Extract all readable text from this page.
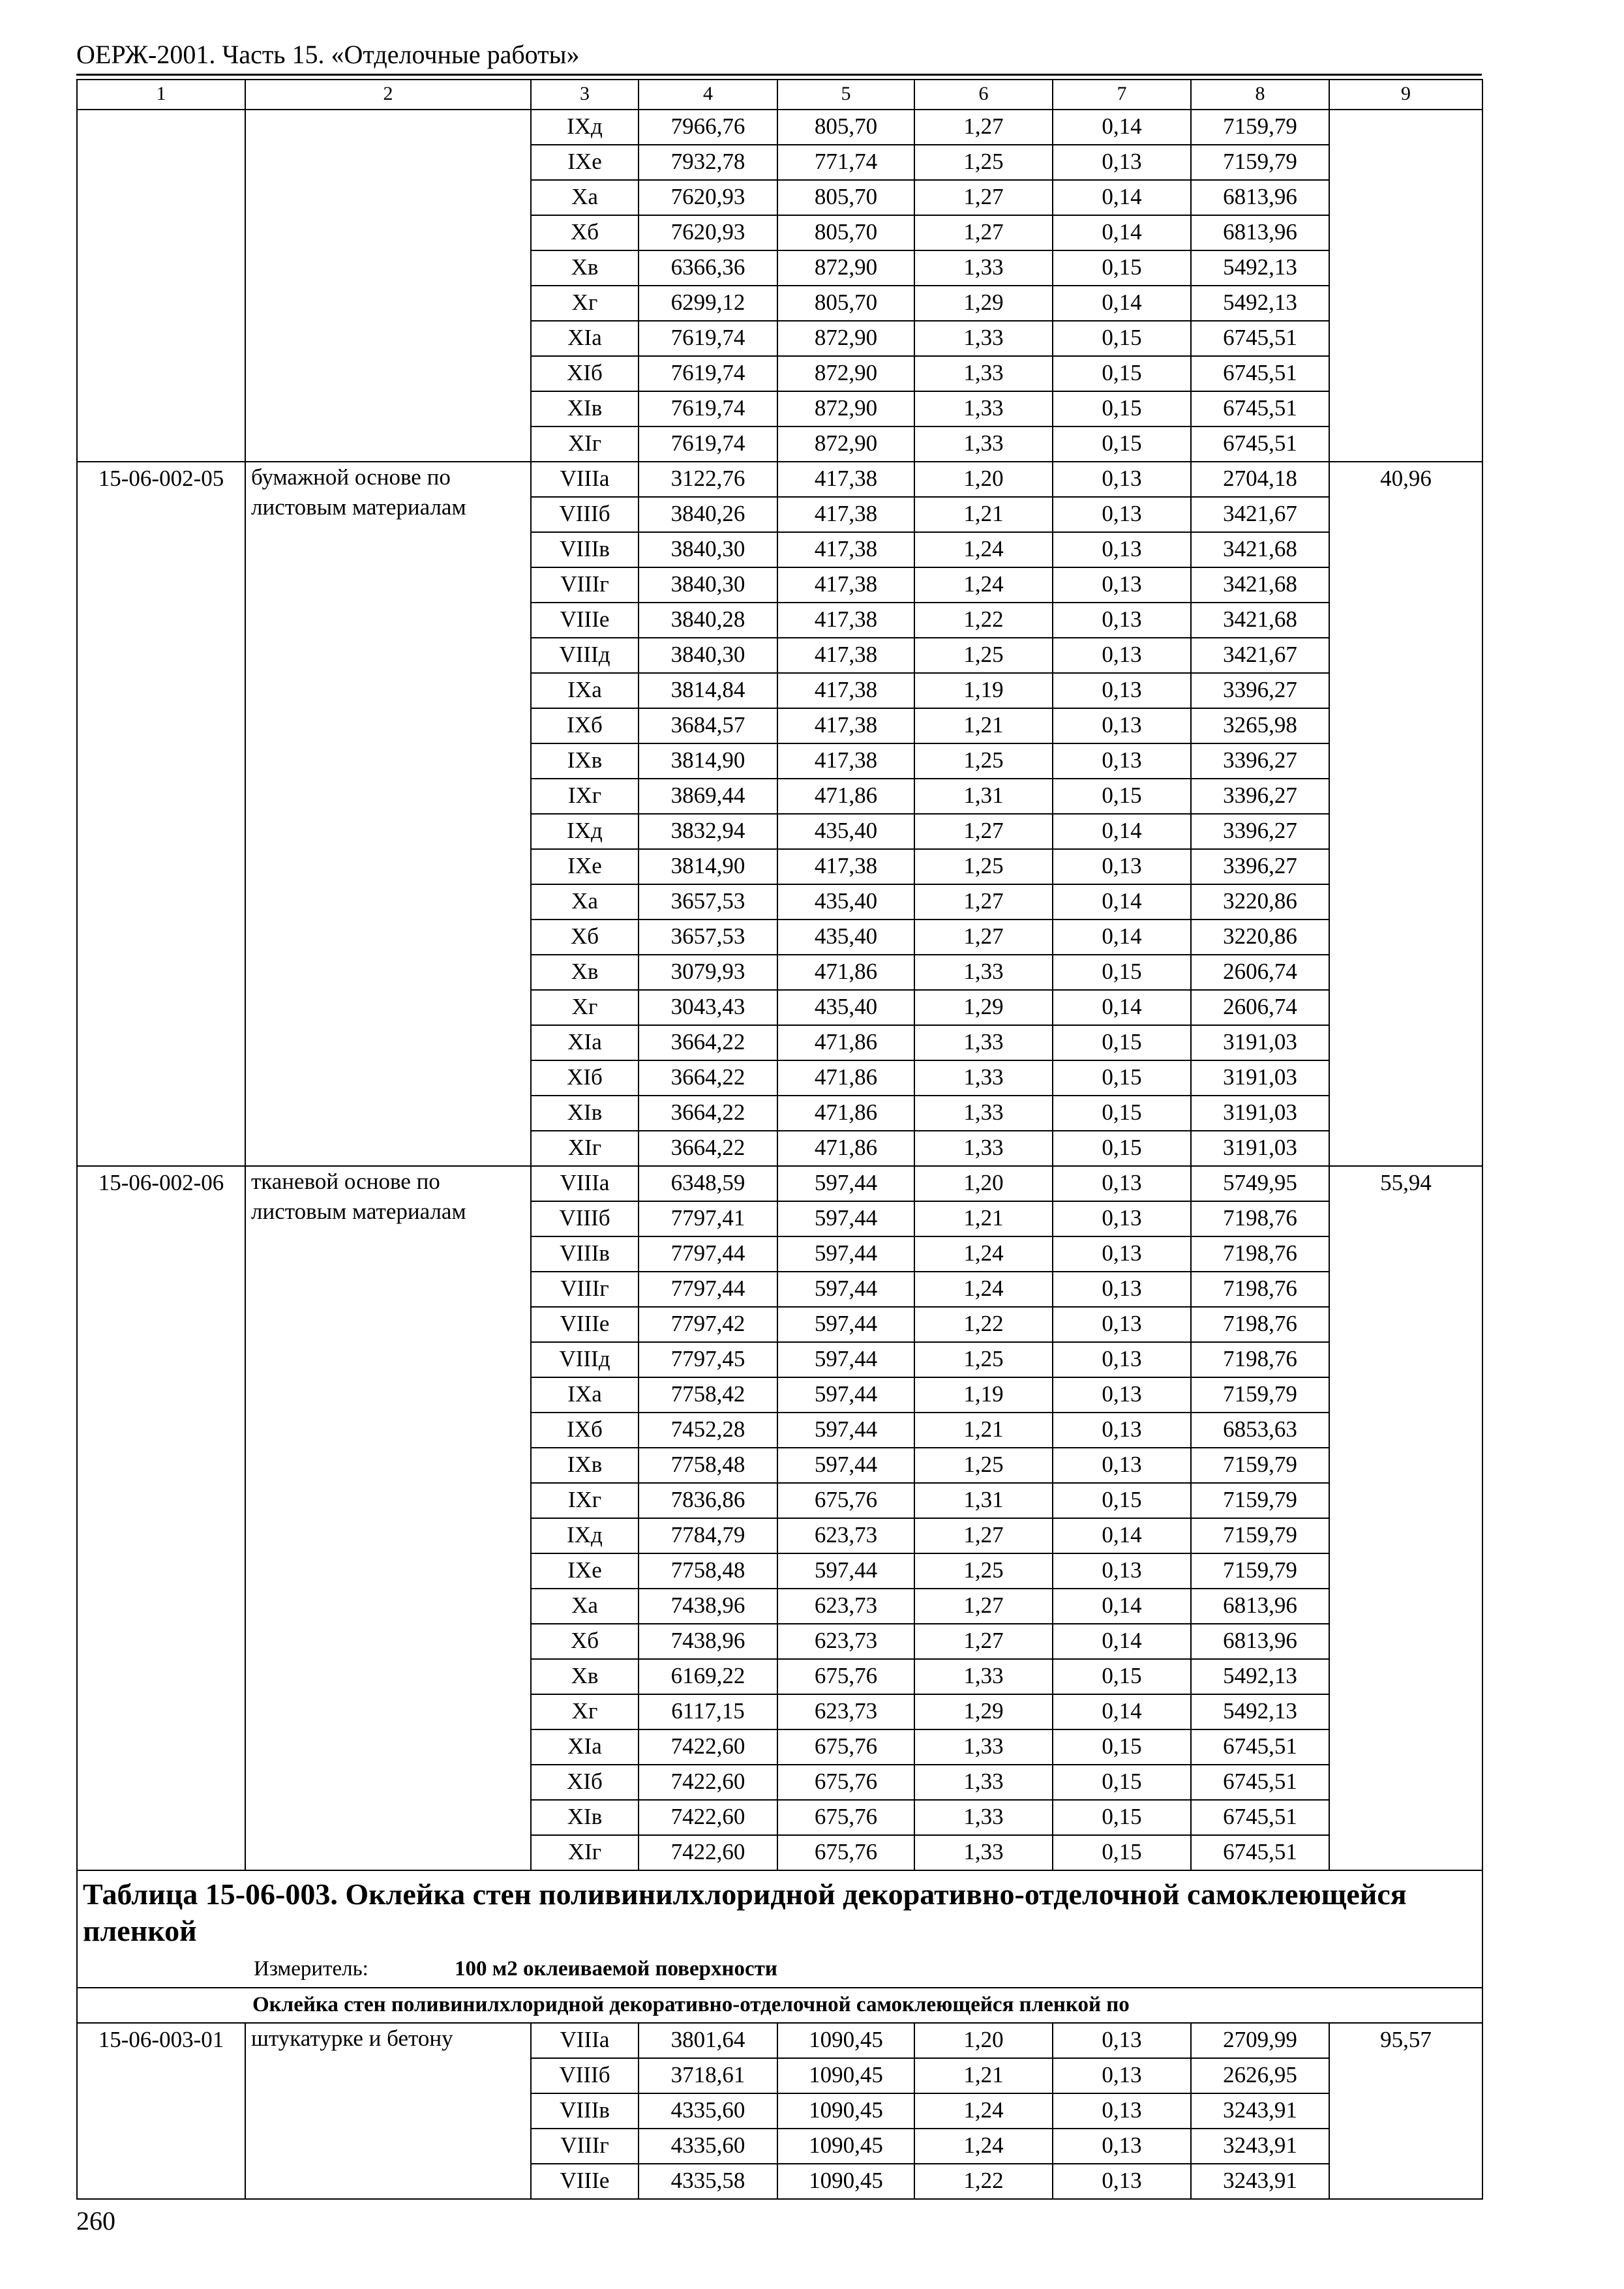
ОЕРЖ-2001. Часть 15. «Отделочные работы»
1	2	3	4	5	6	7	8	9
		IXд	7966,76	805,70	1,27	0,14	7159,79	
		IXе	7932,78	771,74	1,25	0,13	7159,79	
		Xа	7620,93	805,70	1,27	0,14	6813,96	
		Xб	7620,93	805,70	1,27	0,14	6813,96	
		Xв	6366,36	872,90	1,33	0,15	5492,13	
		Xг	6299,12	805,70	1,29	0,14	5492,13	
		XIа	7619,74	872,90	1,33	0,15	6745,51	
		XIб	7619,74	872,90	1,33	0,15	6745,51	
		XIв	7619,74	872,90	1,33	0,15	6745,51	
		XIг	7619,74	872,90	1,33	0,15	6745,51	
15-06-002-05	бумажной основе по листовым материалам	VIIIа	3122,76	417,38	1,20	0,13	2704,18	40,96
		VIIIб	3840,26	417,38	1,21	0,13	3421,67	
		VIIIв	3840,30	417,38	1,24	0,13	3421,68	
		VIIIг	3840,30	417,38	1,24	0,13	3421,68	
		VIIIе	3840,28	417,38	1,22	0,13	3421,68	
		VIIIд	3840,30	417,38	1,25	0,13	3421,67	
		IXа	3814,84	417,38	1,19	0,13	3396,27	
		IXб	3684,57	417,38	1,21	0,13	3265,98	
		IXв	3814,90	417,38	1,25	0,13	3396,27	
		IXг	3869,44	471,86	1,31	0,15	3396,27	
		IXд	3832,94	435,40	1,27	0,14	3396,27	
		IXе	3814,90	417,38	1,25	0,13	3396,27	
		Xа	3657,53	435,40	1,27	0,14	3220,86	
		Xб	3657,53	435,40	1,27	0,14	3220,86	
		Xв	3079,93	471,86	1,33	0,15	2606,74	
		Xг	3043,43	435,40	1,29	0,14	2606,74	
		XIа	3664,22	471,86	1,33	0,15	3191,03	
		XIб	3664,22	471,86	1,33	0,15	3191,03	
		XIв	3664,22	471,86	1,33	0,15	3191,03	
		XIг	3664,22	471,86	1,33	0,15	3191,03	
15-06-002-06	тканевой основе по листовым материалам	VIIIа	6348,59	597,44	1,20	0,13	5749,95	55,94
		VIIIб	7797,41	597,44	1,21	0,13	7198,76	
		VIIIв	7797,44	597,44	1,24	0,13	7198,76	
		VIIIг	7797,44	597,44	1,24	0,13	7198,76	
		VIIIе	7797,42	597,44	1,22	0,13	7198,76	
		VIIIд	7797,45	597,44	1,25	0,13	7198,76	
		IXа	7758,42	597,44	1,19	0,13	7159,79	
		IXб	7452,28	597,44	1,21	0,13	6853,63	
		IXв	7758,48	597,44	1,25	0,13	7159,79	
		IXг	7836,86	675,76	1,31	0,15	7159,79	
		IXд	7784,79	623,73	1,27	0,14	7159,79	
		IXе	7758,48	597,44	1,25	0,13	7159,79	
		Xа	7438,96	623,73	1,27	0,14	6813,96	
		Xб	7438,96	623,73	1,27	0,14	6813,96	
		Xв	6169,22	675,76	1,33	0,15	5492,13	
		Xг	6117,15	623,73	1,29	0,14	5492,13	
		XIа	7422,60	675,76	1,33	0,15	6745,51	
		XIб	7422,60	675,76	1,33	0,15	6745,51	
		XIв	7422,60	675,76	1,33	0,15	6745,51	
		XIг	7422,60	675,76	1,33	0,15	6745,51	

Таблица 15-06-003. Оклейка стен поливинилхлоридной декоративно-отделочной самоклеющейся пленкой
Измеритель: 100 м2 оклеиваемой поверхности								

Оклейка стен поливинилхлоридной декоративно-отделочной самоклеющейся пленкой по								
15-06-003-01	штукатурке и бетону	VIIIа	3801,64	1090,45	1,20	0,13	2709,99	95,57
		VIIIб	3718,61	1090,45	1,21	0,13	2626,95	
		VIIIв	4335,60	1090,45	1,24	0,13	3243,91	
		VIIIг	4335,60	1090,45	1,24	0,13	3243,91	
		VIIIе	4335,58	1090,45	1,22	0,13	3243,91	
260
